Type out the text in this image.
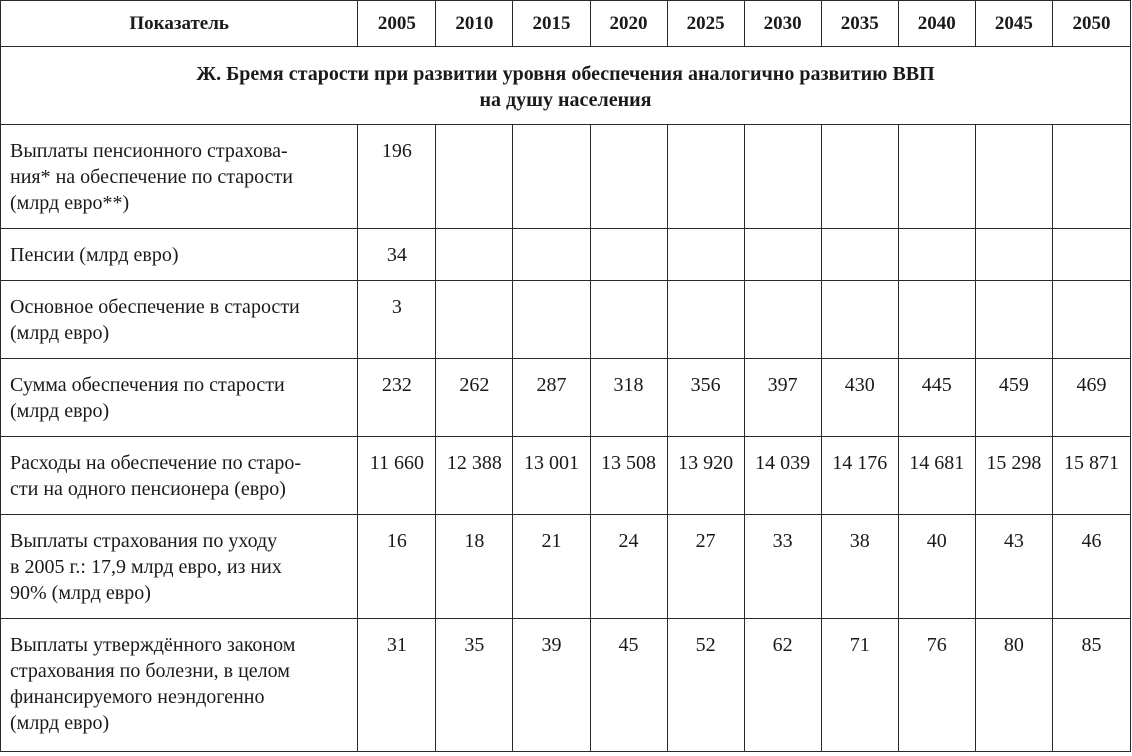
Показатель	2005	2010	2015	2020	2025	2030	2035	2040	2045	2050

Ж. Бремя старости при развитии уровня обеспечения аналогично развитию ВВП
на душу населения										

Выплаты пенсионного страхова-
ния* на обеспечение по старости
(млрд евро**)	196									

Пенсии (млрд евро)	34									

Основное обеспечение в старости
(млрд евро)	3									

Сумма обеспечения по старости
(млрд евро)	232	262	287	318	356	397	430	445	459	469

Расходы на обеспечение по старо-
сти на одного пенсионера (евро)	11 660	12 388	13 001	13 508	13 920	14 039	14 176	14 681	15 298	15 871

Выплаты страхования по уходу
в 2005 г.: 17,9 млрд евро, из них
90% (млрд евро)	16	18	21	24	27	33	38	40	43	46

Выплаты утверждённого законом
страхования по болезни, в целом
финансируемого неэндогенно
(млрд евро)	31	35	39	45	52	62	71	76	80	85
